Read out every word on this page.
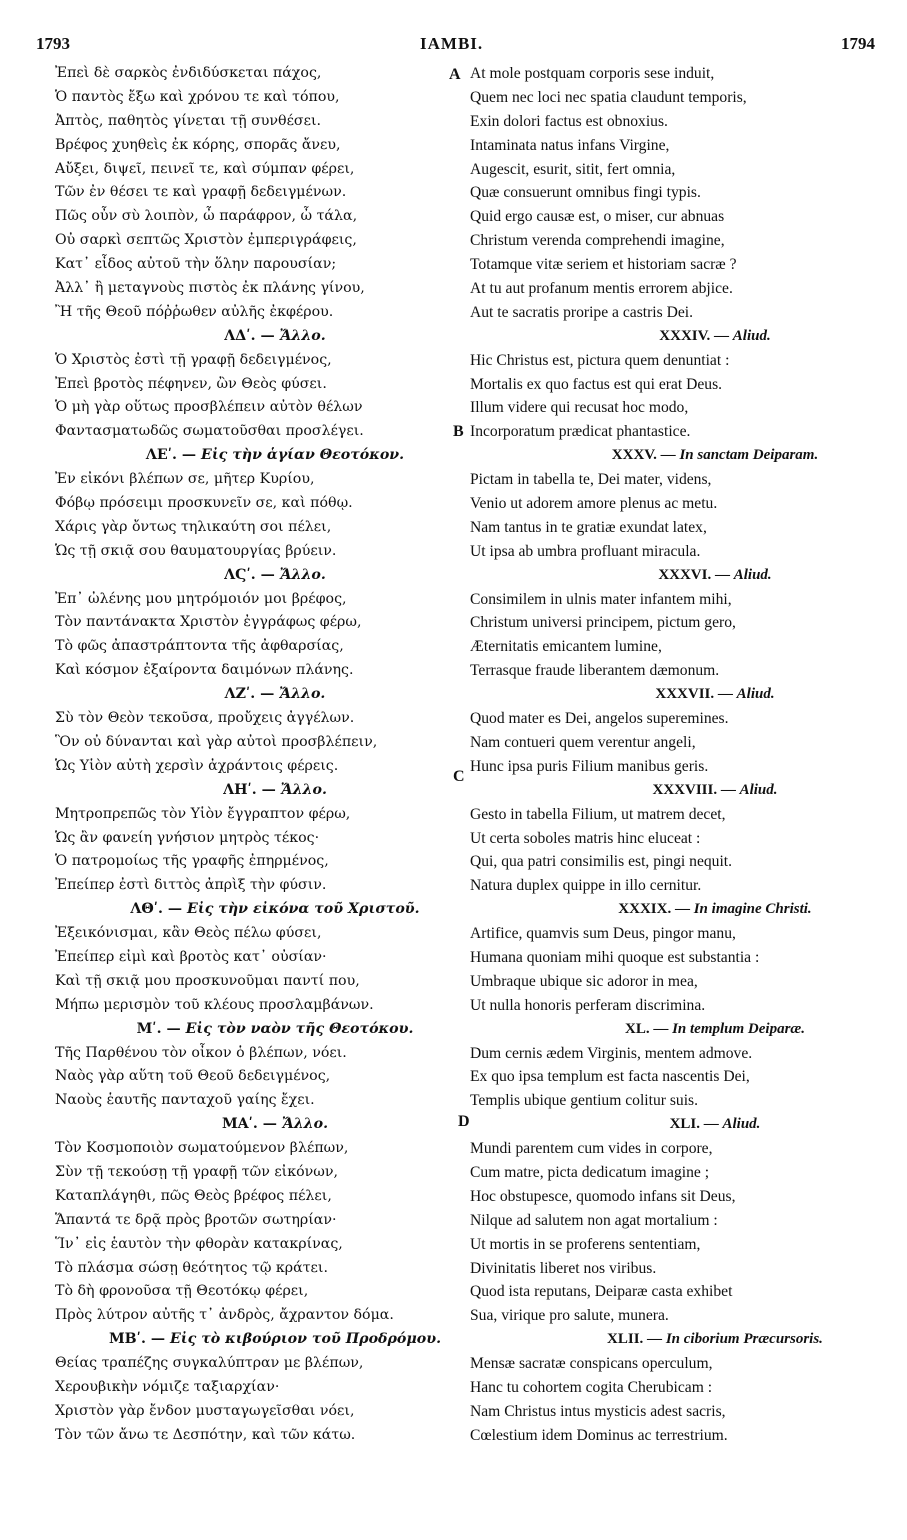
1793	IAMBI.	1794
A
B
C
D
Ἐπεὶ δὲ σαρκὸς ἐνδιδύσκεται πάχος,
Ὁ παντὸς ἔξω καὶ χρόνου τε καὶ τόπου,
Ἀπτὸς, παθητὸς γίνεται τῇ συνθέσει.
Βρέφος χυηθεὶς ἐκ κόρης, σπορᾶς ἄνευ,
Αὔξει, διψεῖ, πεινεῖ τε, καὶ σύμπαν φέρει,
Τῶν ἐν θέσει τε καὶ γραφῇ δεδειγμένων.
Πῶς οὖν σὺ λοιπὸν, ὦ παράφρον, ὦ τάλα,
Οὐ σαρκὶ σεπτῶς Χριστὸν ἐμπεριγράφεις,
Κατ᾽ εἶδος αὐτοῦ τὴν ὅλην παρουσίαν;
Ἀλλ᾽ ἢ μεταγνοὺς πιστὸς ἐκ πλάνης γίνου,
Ἢ τῆς Θεοῦ πόῤῥωθεν αὐλῆς ἐκφέρου.
ΛΔʹ. — Ἄλλο.
Ὁ Χριστὸς ἐστὶ τῇ γραφῇ δεδειγμένος,
Ἐπεὶ βροτὸς πέφηνεν, ὢν Θεὸς φύσει.
Ὁ μὴ γὰρ οὕτως προσβλέπειν αὐτὸν θέλων
Φαντασματωδῶς σωματοῦσθαι προσλέγει.
ΛΕʹ. — Εἰς τὴν ἁγίαν Θεοτόκον.
Ἐν εἰκόνι βλέπων σε, μῆτερ Κυρίου,
Φόβῳ πρόσειμι προσκυνεῖν σε, καὶ πόθῳ.
Χάρις γὰρ ὄντως τηλικαύτη σοι πέλει,
Ὡς τῇ σκιᾷ σου θαυματουργίας βρύειν.
ΛϚʹ. — Ἄλλο.
Ἐπ᾽ ὠλένης μου μητρόμοιόν μοι βρέφος,
Τὸν παντάνακτα Χριστὸν ἐγγράφως φέρω,
Τὸ φῶς ἀπαστράπτοντα τῆς ἀφθαρσίας,
Καὶ κόσμον ἐξαίροντα δαιμόνων πλάνης.
ΛΖʹ. — Ἄλλο.
Σὺ τὸν Θεὸν τεκοῦσα, προὔχεις ἀγγέλων.
Ὃν οὐ δύνανται καὶ γὰρ αὐτοὶ προσβλέπειν,
Ὡς Υἱὸν αὐτὴ χερσὶν ἀχράντοις φέρεις.
ΛΗʹ. — Ἄλλο.
Μητροπρεπῶς τὸν Υἱὸν ἔγγραπτον φέρω,
Ὡς ἂν φανείη γνήσιον μητρὸς τέκος·
Ὁ πατρομοίως τῆς γραφῆς ἐπηρμένος,
Ἐπείπερ ἐστὶ διττὸς ἀπρὶξ τὴν φύσιν.
ΛΘʹ. — Εἰς τὴν εἰκόνα τοῦ Χριστοῦ.
Ἐξεικόνισμαι, κἂν Θεὸς πέλω φύσει,
Ἐπείπερ εἰμὶ καὶ βροτὸς κατ᾽ οὐσίαν·
Καὶ τῇ σκιᾷ μου προσκυνοῦμαι παντί που,
Μήπω μερισμὸν τοῦ κλέους προσλαμβάνων.
Μʹ. — Εἰς τὸν ναὸν τῆς Θεοτόκου.
Τῆς Παρθένου τὸν οἶκον ὁ βλέπων, νόει.
Ναὸς γὰρ αὕτη τοῦ Θεοῦ δεδειγμένος,
Ναοὺς ἑαυτῆς πανταχοῦ γαίης ἔχει.
ΜΑʹ. — Ἄλλο.
Τὸν Κοσμοποιὸν σωματούμενον βλέπων,
Σὺν τῇ τεκούσῃ τῇ γραφῇ τῶν εἰκόνων,
Καταπλάγηθι, πῶς Θεὸς βρέφος πέλει,
Ἅπαντά τε δρᾷ πρὸς βροτῶν σωτηρίαν·
Ἵν᾽ εἰς ἑαυτὸν τὴν φθορὰν κατακρίνας,
Τὸ πλάσμα σώσῃ θεότητος τῷ κράτει.
Τὸ δὴ φρονοῦσα τῇ Θεοτόκῳ φέρει,
Πρὸς λύτρον αὐτῆς τ᾽ ἀνδρὸς, ἄχραντον δόμα.
ΜΒʹ. — Εἰς τὸ κιβούριον τοῦ Προδρόμου.
Θείας τραπέζης συγκαλύπτραν με βλέπων,
Χερουβικὴν νόμιζε ταξιαρχίαν·
Χριστὸν γὰρ ἔνδον μυσταγωγεῖσθαι νόει,
Τὸν τῶν ἄνω τε Δεσπότην, καὶ τῶν κάτω.
At mole postquam corporis sese induit,
Quem nec loci nec spatia claudunt temporis,
Exin dolori factus est obnoxius.
Intaminata natus infans Virgine,
Augescit, esurit, sitit, fert omnia,
Quæ consuerunt omnibus fingi typis.
Quid ergo causæ est, o miser, cur abnuas
Christum verenda comprehendi imagine,
Totamque vitæ seriem et historiam sacræ ?
At tu aut profanum mentis errorem abjice.
Aut te sacratis proripe a castris Dei.
XXXIV. — Aliud.
Hic Christus est, pictura quem denuntiat :
Mortalis ex quo factus est qui erat Deus.
Illum videre qui recusat hoc modo,
Incorporatum prædicat phantastice.
XXXV. — In sanctam Deiparam.
Pictam in tabella te, Dei mater, videns,
Venio ut adorem amore plenus ac metu.
Nam tantus in te gratiæ exundat latex,
Ut ipsa ab umbra profluant miracula.
XXXVI. — Aliud.
Consimilem in ulnis mater infantem mihi,
Christum universi principem, pictum gero,
Æternitatis emicantem lumine,
Terrasque fraude liberantem dæmonum.
XXXVII. — Aliud.
Quod mater es Dei, angelos superemines.
Nam contueri quem verentur angeli,
Hunc ipsa puris Filium manibus geris.
XXXVIII. — Aliud.
Gesto in tabella Filium, ut matrem decet,
Ut certa soboles matris hinc eluceat :
Qui, qua patri consimilis est, pingi nequit.
Natura duplex quippe in illo cernitur.
XXXIX. — In imagine Christi.
Artifice, quamvis sum Deus, pingor manu,
Humana quoniam mihi quoque est substantia :
Umbraque ubique sic adoror in mea,
Ut nulla honoris perferam discrimina.
XL. — In templum Deiparæ.
Dum cernis ædem Virginis, mentem admove.
Ex quo ipsa templum est facta nascentis Dei,
Templis ubique gentium colitur suis.
XLI. — Aliud.
Mundi parentem cum vides in corpore,
Cum matre, picta dedicatum imagine ;
Hoc obstupesce, quomodo infans sit Deus,
Nilque ad salutem non agat mortalium :
Ut mortis in se proferens sententiam,
Divinitatis liberet nos viribus.
Quod ista reputans, Deiparæ casta exhibet
Sua, virique pro salute, munera.
XLII. — In ciborium Præcursoris.
Mensæ sacratæ conspicans operculum,
Hanc tu cohortem cogita Cherubicam :
Nam Christus intus mysticis adest sacris,
Cœlestium idem Dominus ac terrestrium.
